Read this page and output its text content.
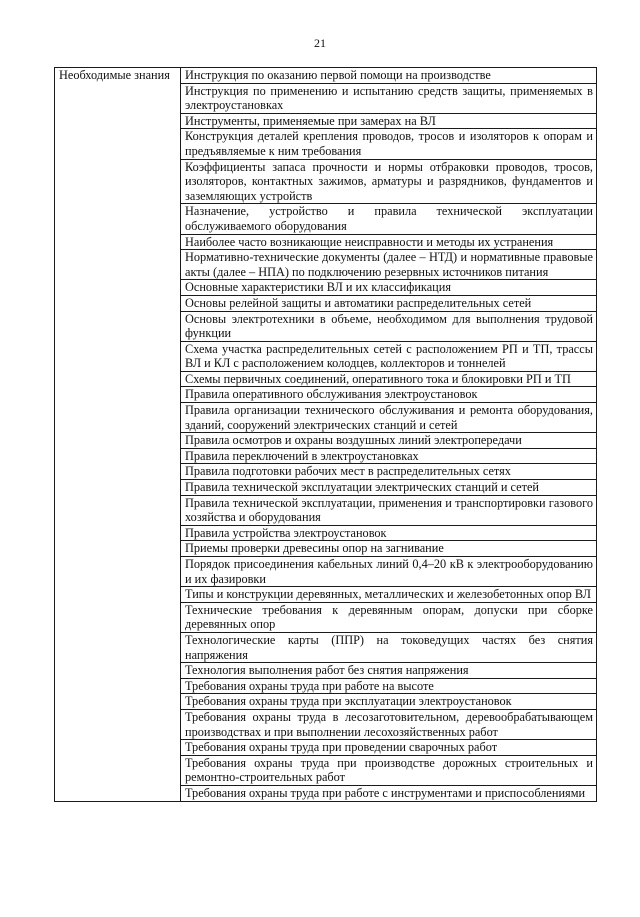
21
Необходимые знания	Инструкция по оказанию первой помощи на производстве
Инструкция по применению и испытанию средств защиты, применяемых в электроустановках
Инструменты, применяемые при замерах на ВЛ
Конструкция деталей крепления проводов, тросов и изоляторов к опорам и предъявляемые к ним требования
Коэффициенты запаса прочности и нормы отбраковки проводов, тросов, изоляторов, контактных зажимов, арматуры и разрядников, фундаментов и заземляющих устройств
Назначение, устройство и правила технической эксплуатации обслуживаемого оборудования
Наиболее часто возникающие неисправности и методы их устранения
Нормативно-технические документы (далее – НТД) и нормативные правовые акты (далее – НПА) по подключению резервных источников питания
Основные характеристики ВЛ и их классификация
Основы релейной защиты и автоматики распределительных сетей
Основы электротехники в объеме, необходимом для выполнения трудовой функции
Схема участка распределительных сетей с расположением РП и ТП, трассы ВЛ и КЛ с расположением колодцев, коллекторов и тоннелей
Схемы первичных соединений, оперативного тока и блокировки РП и ТП
Правила оперативного обслуживания электроустановок
Правила организации технического обслуживания и ремонта оборудования, зданий, сооружений электрических станций и сетей
Правила осмотров и охраны воздушных линий электропередачи
Правила переключений в электроустановках
Правила подготовки рабочих мест в распределительных сетях
Правила технической эксплуатации электрических станций и сетей
Правила технической эксплуатации, применения и транспортировки газового хозяйства и оборудования
Правила устройства электроустановок
Приемы проверки древесины опор на загнивание
Порядок присоединения кабельных линий 0,4–20 кВ к электрооборудованию и их фазировки
Типы и конструкции деревянных, металлических и железобетонных опор ВЛ
Технические требования к деревянным опорам, допуски при сборке деревянных опор
Технологические карты (ППР) на токоведущих частях без снятия напряжения
Технология выполнения работ без снятия напряжения
Требования охраны труда при работе на высоте
Требования охраны труда при эксплуатации электроустановок
Требования охраны труда в лесозаготовительном, деревообрабатывающем производствах и при выполнении лесохозяйственных работ
Требования охраны труда при проведении сварочных работ
Требования охраны труда при производстве дорожных строительных и ремонтно-строительных работ
Требования охраны труда при работе с инструментами и приспособлениями
